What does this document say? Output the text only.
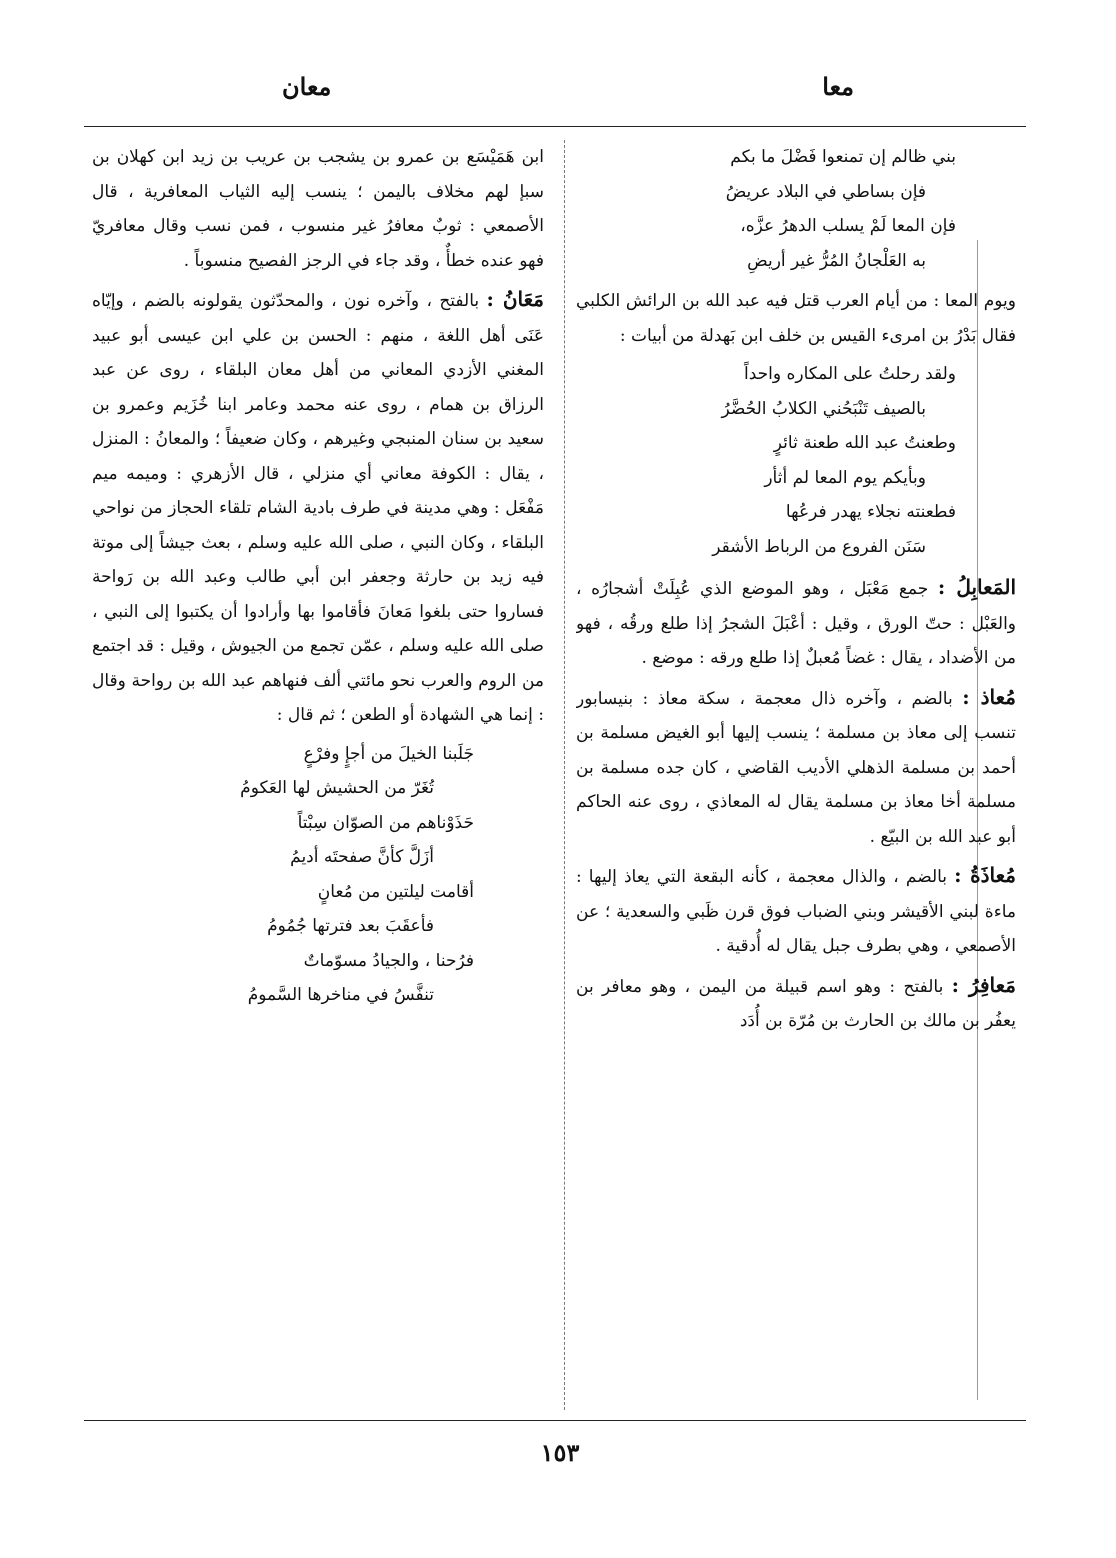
معا
معان
بني ظالم إن تمنعوا فَضْلَ ما بكم
فإن بساطي في البلاد عريضُ
فإن المعا لَمْ يسلب الدهرُ عزَّه،
به العَلْجانُ المُرُّ غير أريضِ

ويوم المعا : من أيام العرب قتل فيه عبد الله بن الرائش الكلبي فقال بَدْرُ بن امرىء القيس بن خلف ابن بَهدلة من أبيات :

ولقد رحلتُ على المكاره واحداً
بالصيف تَنْبَحُني الكلابُ الحُضَّرُ
وطعنتُ عبد الله طعنة ثائرٍ
وبأيكم يوم المعا لم أثأر
فطعنته نجلاء يهدر فرعُها
سَنَن الفروع من الرباط الأشقر

المَعابِلُ : جمع مَعْبَل ، وهو الموضع الذي عُبِلَتْ أشجارُه ، والعَبْل : حتّ الورق ، وقيل : أعْبَلَ الشجرُ إذا طلع ورقُه ، فهو من الأضداد ، يقال : غضاً مُعبلٌ إذا طلع ورقه : موضع .

مُعاذ : بالضم ، وآخره ذال معجمة ، سكة معاذ : بنيسابور تنسب إلى معاذ بن مسلمة ؛ ينسب إليها أبو الغيض مسلمة بن أحمد بن مسلمة الذهلي الأديب القاضي ، كان جده مسلمة بن مسلمة أخا معاذ بن مسلمة يقال له المعاذي ، روى عنه الحاكم أبو عبد الله بن البيّع .

مُعاذَةُ : بالضم ، والذال معجمة ، كأنه البقعة التي يعاذ إليها : ماءة لبني الأقيشر وبني الضباب فوق قرن ظَبي والسعدية ؛ عن الأصمعي ، وهي بطرف جبل يقال له أُدقية .

مَعافِرُ : بالفتح : وهو اسم قبيلة من اليمن ، وهو معافر بن يعفُر بن مالك بن الحارث بن مُرّة بن أُدَد

ابن هَمَيْسَع بن عمرو بن يشجب بن عريب بن زيد ابن كهلان بن سبإ لهم مخلاف باليمن ؛ ينسب إليه الثياب المعافرية ، قال الأصمعي : ثوبٌ معافرُ غير منسوب ، فمن نسب وقال معافريّ فهو عنده خطأٌ ، وقد جاء في الرجز الفصيح منسوباً .

مَعَانُ : بالفتح ، وآخره نون ، والمحدّثون يقولونه بالضم ، وإيّاه عَنَى أهل اللغة ، منهم : الحسن بن علي ابن عيسى أبو عبيد المغني الأزدي المعاني من أهل معان البلقاء ، روى عن عبد الرزاق بن همام ، روى عنه محمد وعامر ابنا خُزَيم وعمرو بن سعيد بن سنان المنبجي وغيرهم ، وكان ضعيفاً ؛ والمعانُ : المنزل ، يقال : الكوفة معاني أي منزلي ، قال الأزهري : وميمه ميم مَفْعَل : وهي مدينة في طرف بادية الشام تلقاء الحجاز من نواحي البلقاء ، وكان النبي ، صلى الله عليه وسلم ، بعث جيشاً إلى موتة فيه زيد بن حارثة وجعفر ابن أبي طالب وعبد الله بن رَواحة فساروا حتى بلغوا مَعانَ فأقاموا بها وأرادوا أن يكتبوا إلى النبي ، صلى الله عليه وسلم ، عمّن تجمع من الجيوش ، وقيل : قد اجتمع من الروم والعرب نحو مائتي ألف فنهاهم عبد الله بن رواحة وقال : إنما هي الشهادة أو الطعن ؛ ثم قال :

جَلَبنا الخيلَ من أجإٍ وفرْعٍ
تُغَرّ من الحشيش لها العَكومُ
حَذَوْناهم من الصوّان سِبْتاً
أزَلَّ كأنَّ صفحتَه أديمُ
أقامت ليلتين من مُعانٍ
فأعقَبَ بعد فترتها جُمُومُ
فرُحنا ، والجيادُ مسوّماتٌ
تنفَّسُ في مناخرها السَّمومُ
١٥٣
